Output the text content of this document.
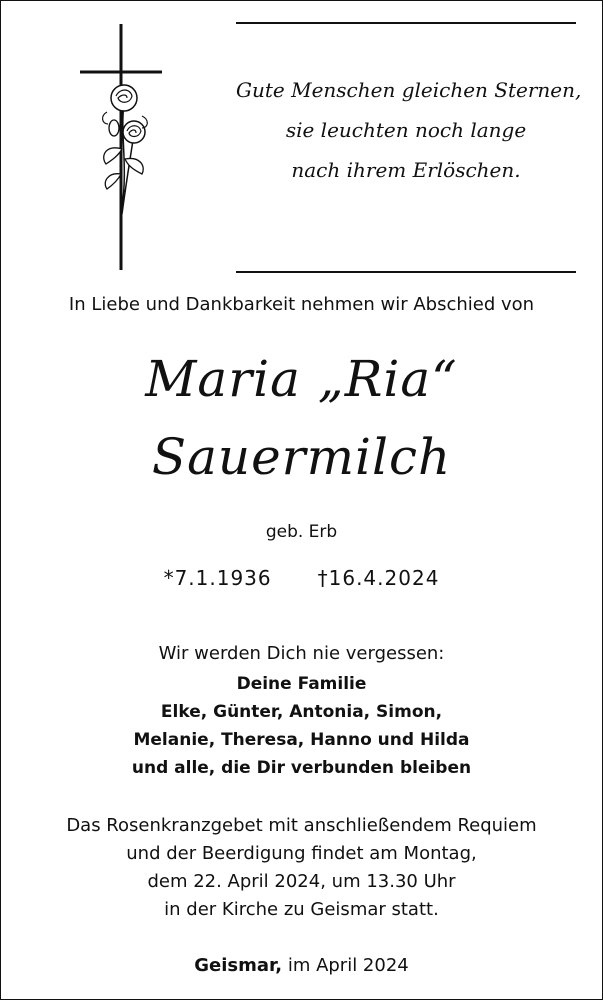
Gute Menschen gleichen Sternen,
sie leuchten noch lange
nach ihrem Erlöschen.
In Liebe und Dankbarkeit nehmen wir Abschied von
Maria „Ria“
Sauermilch
geb. Erb
*7.1.1936 †16.4.2024
Wir werden Dich nie vergessen:
Deine Familie
Elke, Günter, Antonia, Simon,
Melanie, Theresa, Hanno und Hilda
und alle, die Dir verbunden bleiben
Das Rosenkranzgebet mit anschließendem Requiem
und der Beerdigung findet am Montag,
dem 22. April 2024, um 13.30 Uhr
in der Kirche zu Geismar statt.
Geismar, im April 2024
